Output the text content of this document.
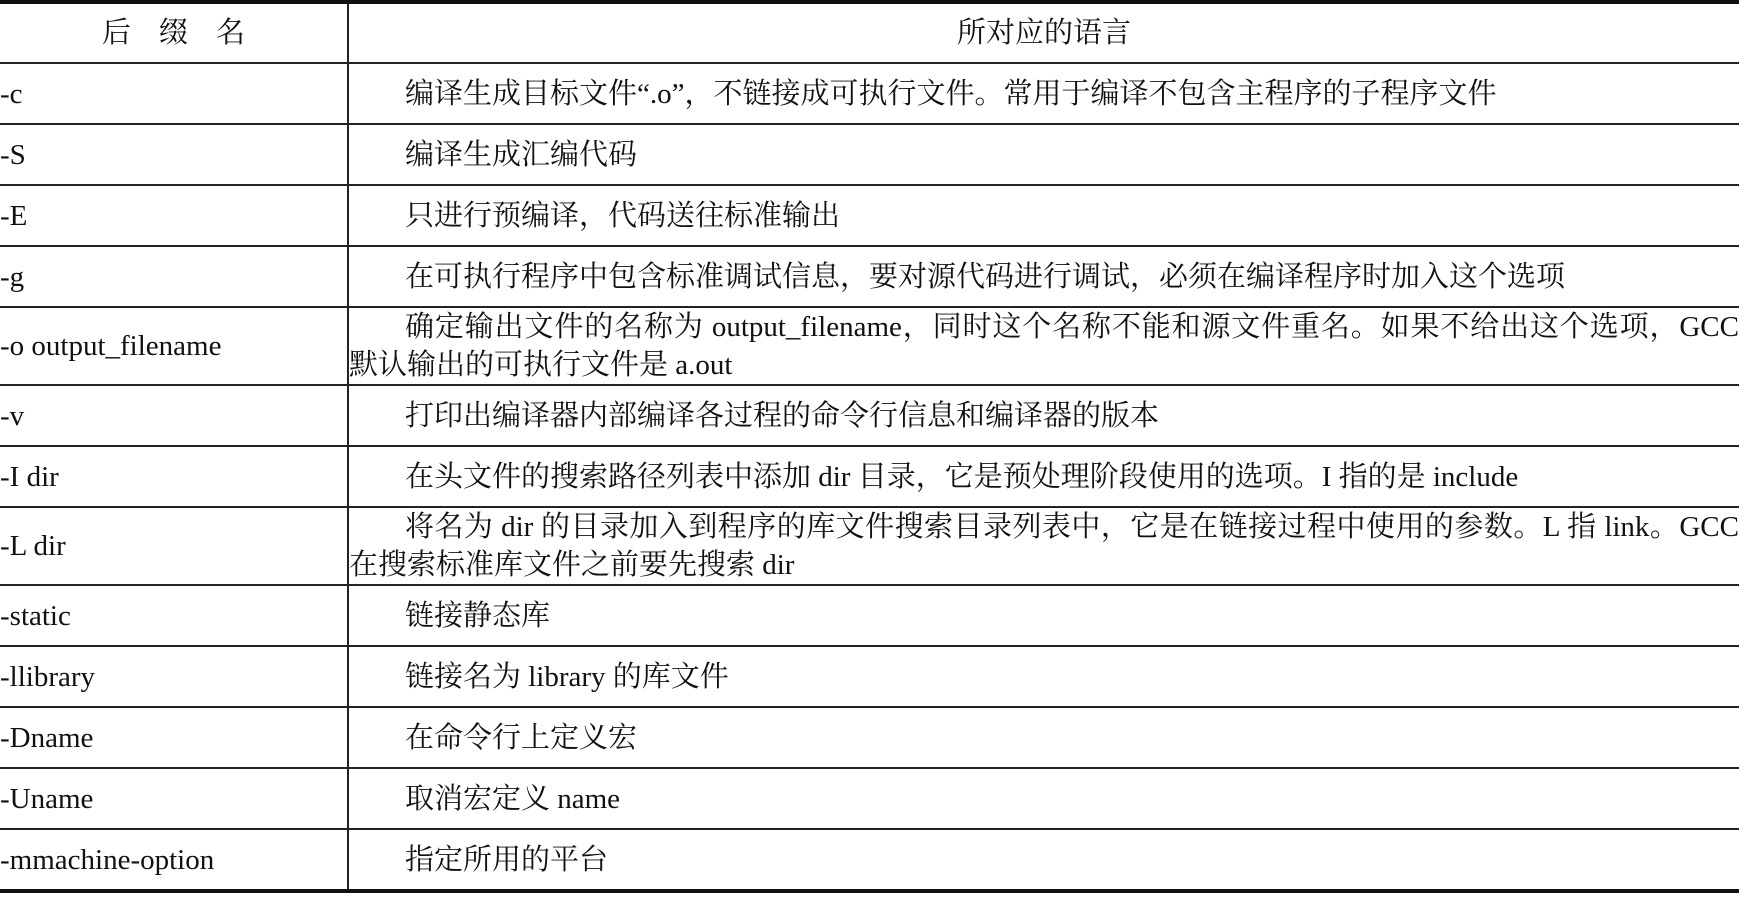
后缀名	所对应的语言
-c	编译生成目标文件“.o”，不链接成可执行文件。常用于编译不包含主程序的子程序文件
-S	编译生成汇编代码
-E	只进行预编译，代码送往标准输出
-g	在可执行程序中包含标准调试信息，要对源代码进行调试，必须在编译程序时加入这个选项
-o output_filename	确定输出文件的名称为 output_filename，同时这个名称不能和源文件重名。如果不给出这个选项，GCC 默认输出的可执行文件是 a.out
-v	打印出编译器内部编译各过程的命令行信息和编译器的版本
-I dir	在头文件的搜索路径列表中添加 dir 目录，它是预处理阶段使用的选项。I 指的是 include
-L dir	将名为 dir 的目录加入到程序的库文件搜索目录列表中，它是在链接过程中使用的参数。L 指 link。GCC 在搜索标准库文件之前要先搜索 dir
-static	链接静态库
-llibrary	链接名为 library 的库文件
-Dname	在命令行上定义宏
-Uname	取消宏定义 name
-mmachine-option	指定所用的平台
